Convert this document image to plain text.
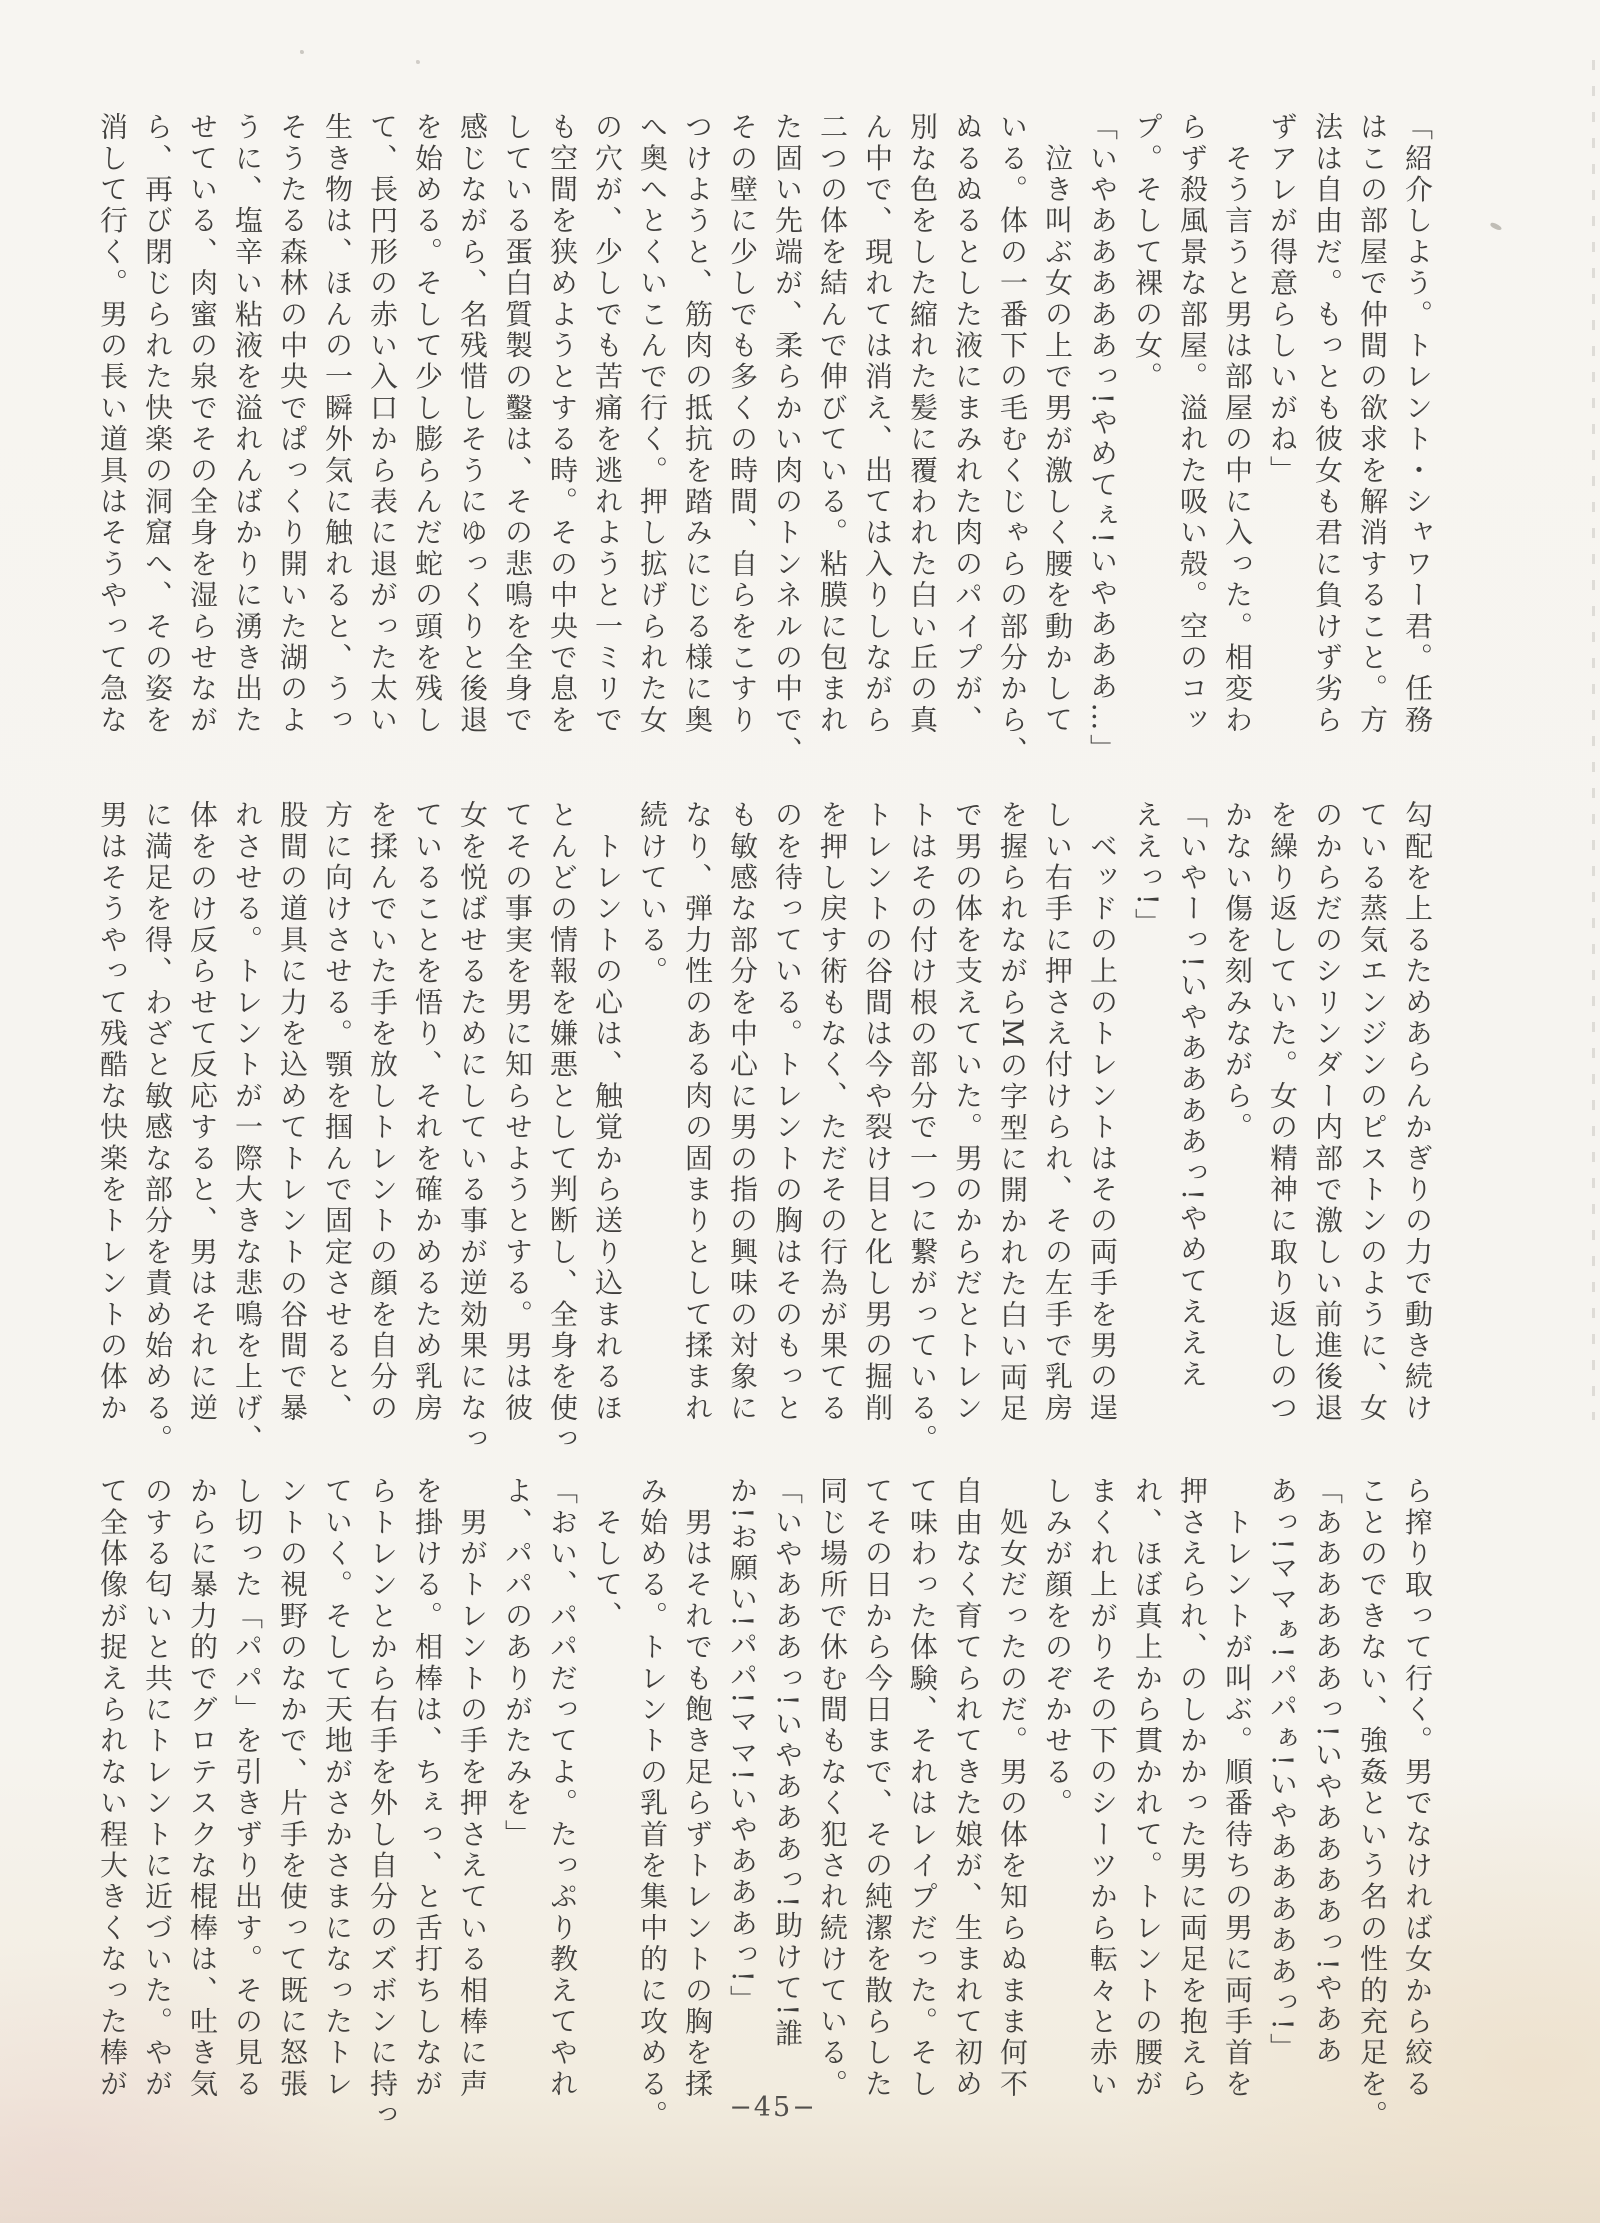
「紹介しよう。トレント・シャワー君。任務
はこの部屋で仲間の欲求を解消すること。方
法は自由だ。もっとも彼女も君に負けず劣ら
ずアレが得意らしいがね」
　そう言うと男は部屋の中に入った。相変わ
らず殺風景な部屋。溢れた吸い殻。空のコッ
プ。そして裸の女。
「いやあああああっ!やめてぇ!いやあああ…」
　泣き叫ぶ女の上で男が激しく腰を動かして
いる。体の一番下の毛むくじゃらの部分から、
ぬるぬるとした液にまみれた肉のパイプが、
別な色をした縮れた髪に覆われた白い丘の真
ん中で、現れては消え、出ては入りしながら
二つの体を結んで伸びている。粘膜に包まれ
た固い先端が、柔らかい肉のトンネルの中で、
その壁に少しでも多くの時間、自らをこすり
つけようと、筋肉の抵抗を踏みにじる様に奥
へ奥へとくいこんで行く。押し拡げられた女
の穴が、少しでも苦痛を逃れようと一ミリで
も空間を狭めようとする時。その中央で息を
している蛋白質製の鑿は、その悲鳴を全身で
感じながら、名残惜しそうにゆっくりと後退
を始める。そして少し膨らんだ蛇の頭を残し
て、長円形の赤い入口から表に退がった太い
生き物は、ほんの一瞬外気に触れると、うっ
そうたる森林の中央でぱっくり開いた湖のよ
うに、塩辛い粘液を溢れんばかりに湧き出た
せている、肉蜜の泉でその全身を湿らせなが
ら、再び閉じられた快楽の洞窟へ、その姿を
消して行く。男の長い道具はそうやって急な
勾配を上るためあらんかぎりの力で動き続け
ている蒸気エンジンのピストンのように、女
のからだのシリンダー内部で激しい前進後退
を繰り返していた。女の精神に取り返しのつ
かない傷を刻みながら。
「いやーっ!いやああああっ!やめてえええ
ええっ!」
　ベッドの上のトレントはその両手を男の逞
しい右手に押さえ付けられ、その左手で乳房
を握られながらMの字型に開かれた白い両足
で男の体を支えていた。男のからだとトレン
トはその付け根の部分で一つに繋がっている。
トレントの谷間は今や裂け目と化し男の掘削
を押し戻す術もなく、ただその行為が果てる
のを待っている。トレントの胸はそのもっと
も敏感な部分を中心に男の指の興味の対象に
なり、弾力性のある肉の固まりとして揉まれ
続けている。
　トレントの心は、触覚から送り込まれるほ
とんどの情報を嫌悪として判断し、全身を使っ
てその事実を男に知らせようとする。男は彼
女を悦ばせるためにしている事が逆効果になっ
ていることを悟り、それを確かめるため乳房
を揉んでいた手を放しトレントの顔を自分の
方に向けさせる。顎を掴んで固定させると、
股間の道具に力を込めてトレントの谷間で暴
れさせる。トレントが一際大きな悲鳴を上げ、
体をのけ反らせて反応すると、男はそれに逆
に満足を得、わざと敏感な部分を責め始める。
男はそうやって残酷な快楽をトレントの体か
ら搾り取って行く。男でなければ女から絞る
ことのできない、強姦という名の性的充足を。
「ああああああっ!いやああああっ!やああ
あっ!ママぁ!パパぁ!いやあああああっ!」
　トレントが叫ぶ。順番待ちの男に両手首を
押さえられ、のしかかった男に両足を抱えら
れ、ほぼ真上から貫かれて。トレントの腰が
まくれ上がりその下のシーツから転々と赤い
しみが顔をのぞかせる。
　処女だったのだ。男の体を知らぬまま何不
自由なく育てられてきた娘が、生まれて初め
て味わった体験、それはレイプだった。そし
てその日から今日まで、その純潔を散らした
同じ場所で休む間もなく犯され続けている。
「いやあああっ!いやあああっ!助けて!誰
か!お願い!パパ!ママ!いやあああっ!」
　男はそれでも飽き足らずトレントの胸を揉
み始める。トレントの乳首を集中的に攻める。
　そして、
「おい、パパだってよ。たっぷり教えてやれ
よ、パパのありがたみを」
　男がトレントの手を押さえている相棒に声
を掛ける。相棒は、ちぇっ、と舌打ちしなが
らトレンとから右手を外し自分のズボンに持っ
ていく。そして天地がさかさまになったトレ
ントの視野のなかで、片手を使って既に怒張
し切った「パパ」を引きずり出す。その見る
からに暴力的でグロテスクな棍棒は、吐き気
のする匂いと共にトレントに近づいた。やが
て全体像が捉えられない程大きくなった棒が
−45−
